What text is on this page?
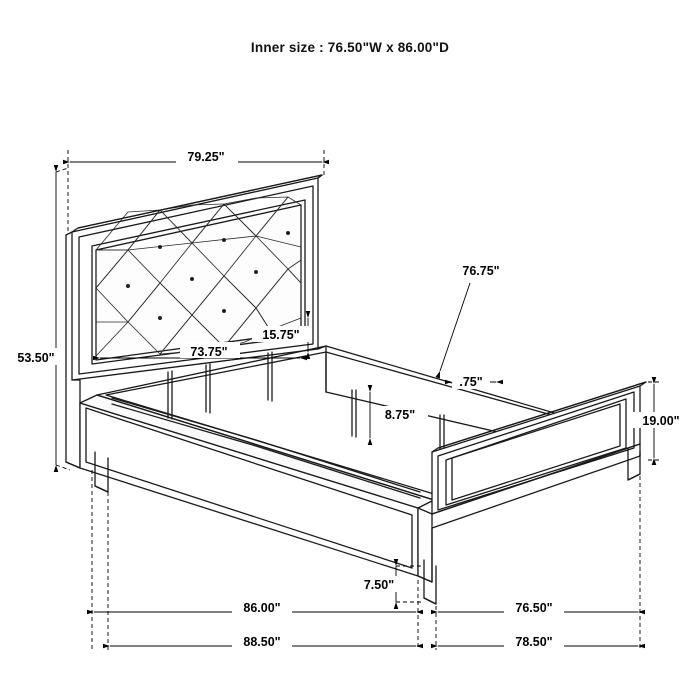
Inner size : 76.50"W x 86.00"D
79.25"
53.50"	73.75"
15.75"
76.75"
.75"
8.75"	19.00"
7.50"
86.00"	76.50"
88.50"	78.50"
